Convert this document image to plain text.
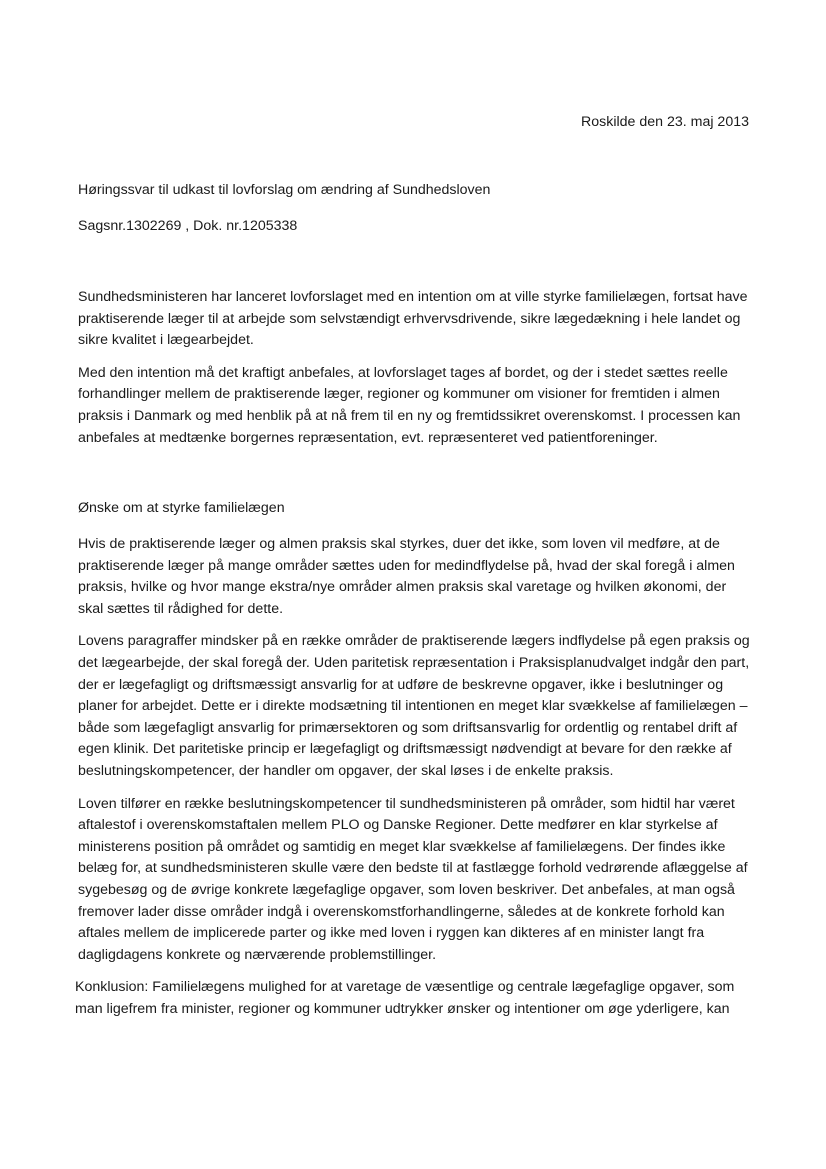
Roskilde den 23. maj 2013

Høringssvar til udkast til lovforslag om ændring af Sundhedsloven

Sagsnr.1302269 , Dok. nr.1205338

Sundhedsministeren har lanceret lovforslaget med en intention om at ville styrke familielægen, fortsat have praktiserende læger til at arbejde som selvstændigt erhvervsdrivende, sikre lægedækning i hele landet og sikre kvalitet i lægearbejdet.

Med den intention må det kraftigt anbefales, at lovforslaget tages af bordet, og der i stedet sættes reelle forhandlinger mellem de praktiserende læger, regioner og kommuner om visioner for fremtiden i almen praksis i Danmark og med henblik på at nå frem til en ny og fremtidssikret overenskomst. I processen kan anbefales at medtænke borgernes repræsentation, evt. repræsenteret ved patientforeninger.

Ønske om at styrke familielægen

Hvis de praktiserende læger og almen praksis skal styrkes, duer det ikke, som loven vil medføre, at de praktiserende læger på mange områder sættes uden for medindflydelse på, hvad der skal foregå i almen praksis, hvilke og hvor mange ekstra/nye områder almen praksis skal varetage og hvilken økonomi, der skal sættes til rådighed for dette.

Lovens paragraffer mindsker på en række områder de praktiserende lægers indflydelse på egen praksis og det lægearbejde, der skal foregå der. Uden paritetisk repræsentation i Praksisplanudvalget indgår den part, der er lægefagligt og driftsmæssigt ansvarlig for at udføre de beskrevne opgaver, ikke i beslutninger og planer for arbejdet. Dette er i direkte modsætning til intentionen en meget klar svækkelse af familielægen – både som lægefagligt ansvarlig for primærsektoren og som driftsansvarlig for ordentlig og rentabel drift af egen klinik. Det paritetiske princip er lægefagligt og driftsmæssigt nødvendigt at bevare for den række af beslutningskompetencer, der handler om opgaver, der skal løses i de enkelte praksis.

Loven tilfører en række beslutningskompetencer til sundhedsministeren på områder, som hidtil har været aftalestof i overenskomstaftalen mellem PLO og Danske Regioner. Dette medfører en klar styrkelse af ministerens position på området og samtidig en meget klar svækkelse af familielægens. Der findes ikke belæg for, at sundhedsministeren skulle være den bedste til at fastlægge forhold vedrørende aflæggelse af sygebesøg og de øvrige konkrete lægefaglige opgaver, som loven beskriver. Det anbefales, at man også fremover lader disse områder indgå i overenskomstforhandlingerne, således at de konkrete forhold kan aftales mellem de implicerede parter og ikke med loven i ryggen kan dikteres af en minister langt fra dagligdagens konkrete og nærværende problemstillinger.

Konklusion: Familielægens mulighed for at varetage de væsentlige og centrale lægefaglige opgaver, som man ligefrem fra minister, regioner og kommuner udtrykker ønsker og intentioner om øge yderligere, kan
